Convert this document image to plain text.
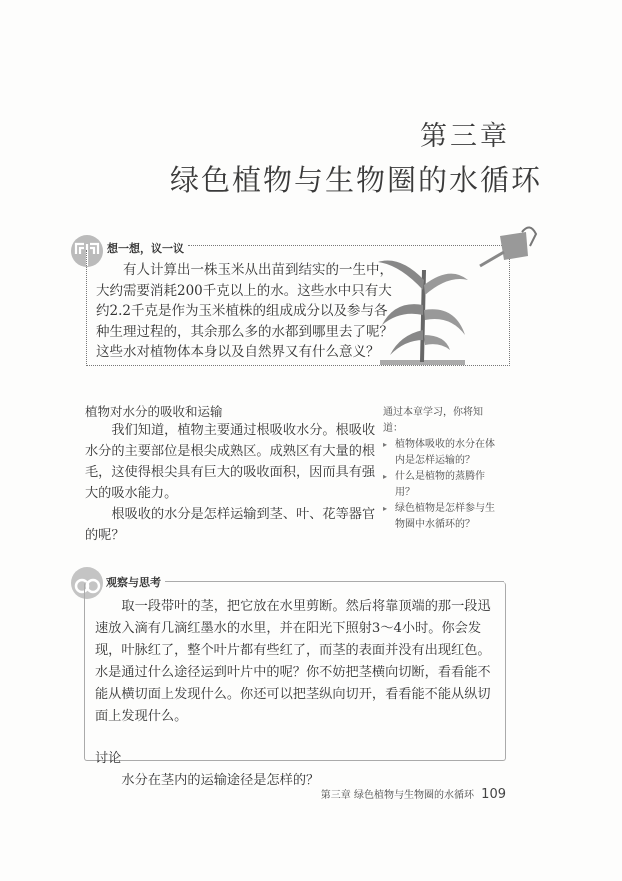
第三章
绿色植物与生物圈的水循环
想一想，议一议
有人计算出一株玉米从出苗到结实的一生中，
大约需要消耗200千克以上的水。这些水中只有大
约2.2千克是作为玉米植株的组成成分以及参与各
种生理过程的，其余那么多的水都到哪里去了呢？
这些水对植物体本身以及自然界又有什么意义？
植物对水分的吸收和运输
我们知道，植物主要通过根吸收水分。根吸收水分的主要部位是根尖成熟区。成熟区有大量的根毛，这使得根尖具有巨大的吸收面积，因而具有强大的吸水能力。
根吸收的水分是怎样运输到茎、叶、花等器官的呢？
通过本章学习，你将知道：
▸ 植物体吸收的水分在体内是怎样运输的？
▸ 什么是植物的蒸腾作用？
▸ 绿色植物是怎样参与生物圈中水循环的？
观察与思考
取一段带叶的茎，把它放在水里剪断。然后将靠顶端的那一段迅速放入滴有几滴红墨水的水里，并在阳光下照射3～4小时。你会发现，叶脉红了，整个叶片都有些红了，而茎的表面并没有出现红色。水是通过什么途径运到叶片中的呢？你不妨把茎横向切断，看看能不能从横切面上发现什么。你还可以把茎纵向切开，看看能不能从纵切面上发现什么。
讨论
水分在茎内的运输途径是怎样的？
第三章 绿色植物与生物圈的水循环 109
